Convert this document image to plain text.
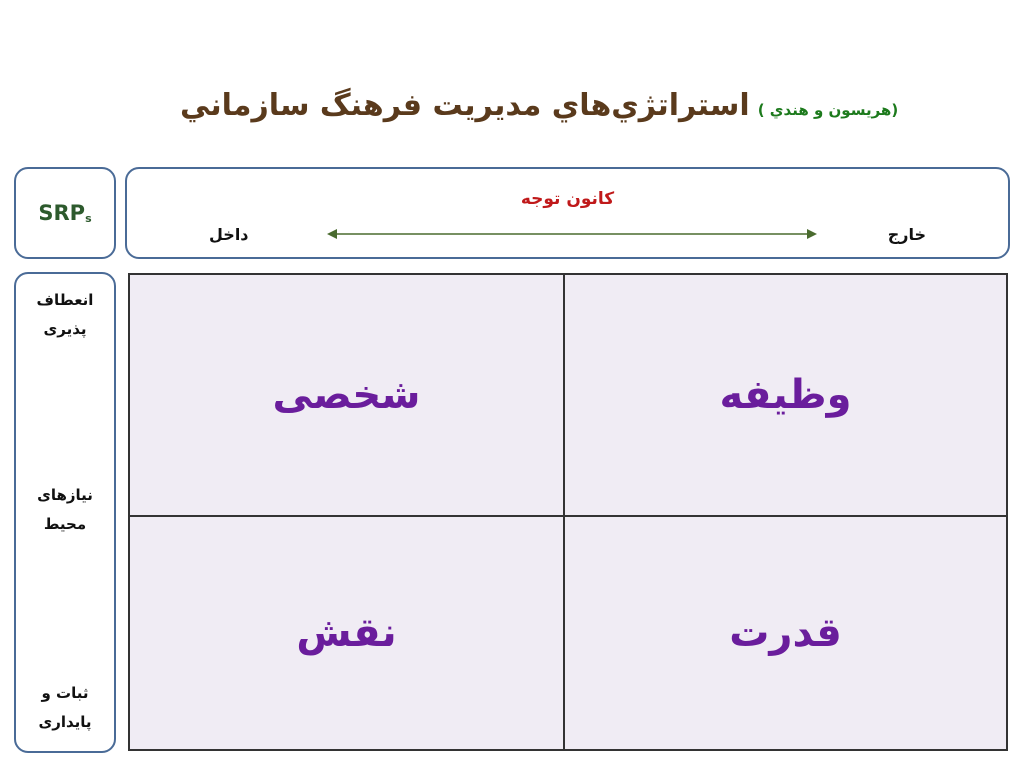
استراتژي‌هاي مديريت فرهنگ سازماني (هريسون و هندي )
SRPs
کانون توجه
داخل	خارج
انعطاف
پذیری
نیازهای
محیط
ثبات و
پایداری
شخصی	وظیفه
نقش	قدرت
